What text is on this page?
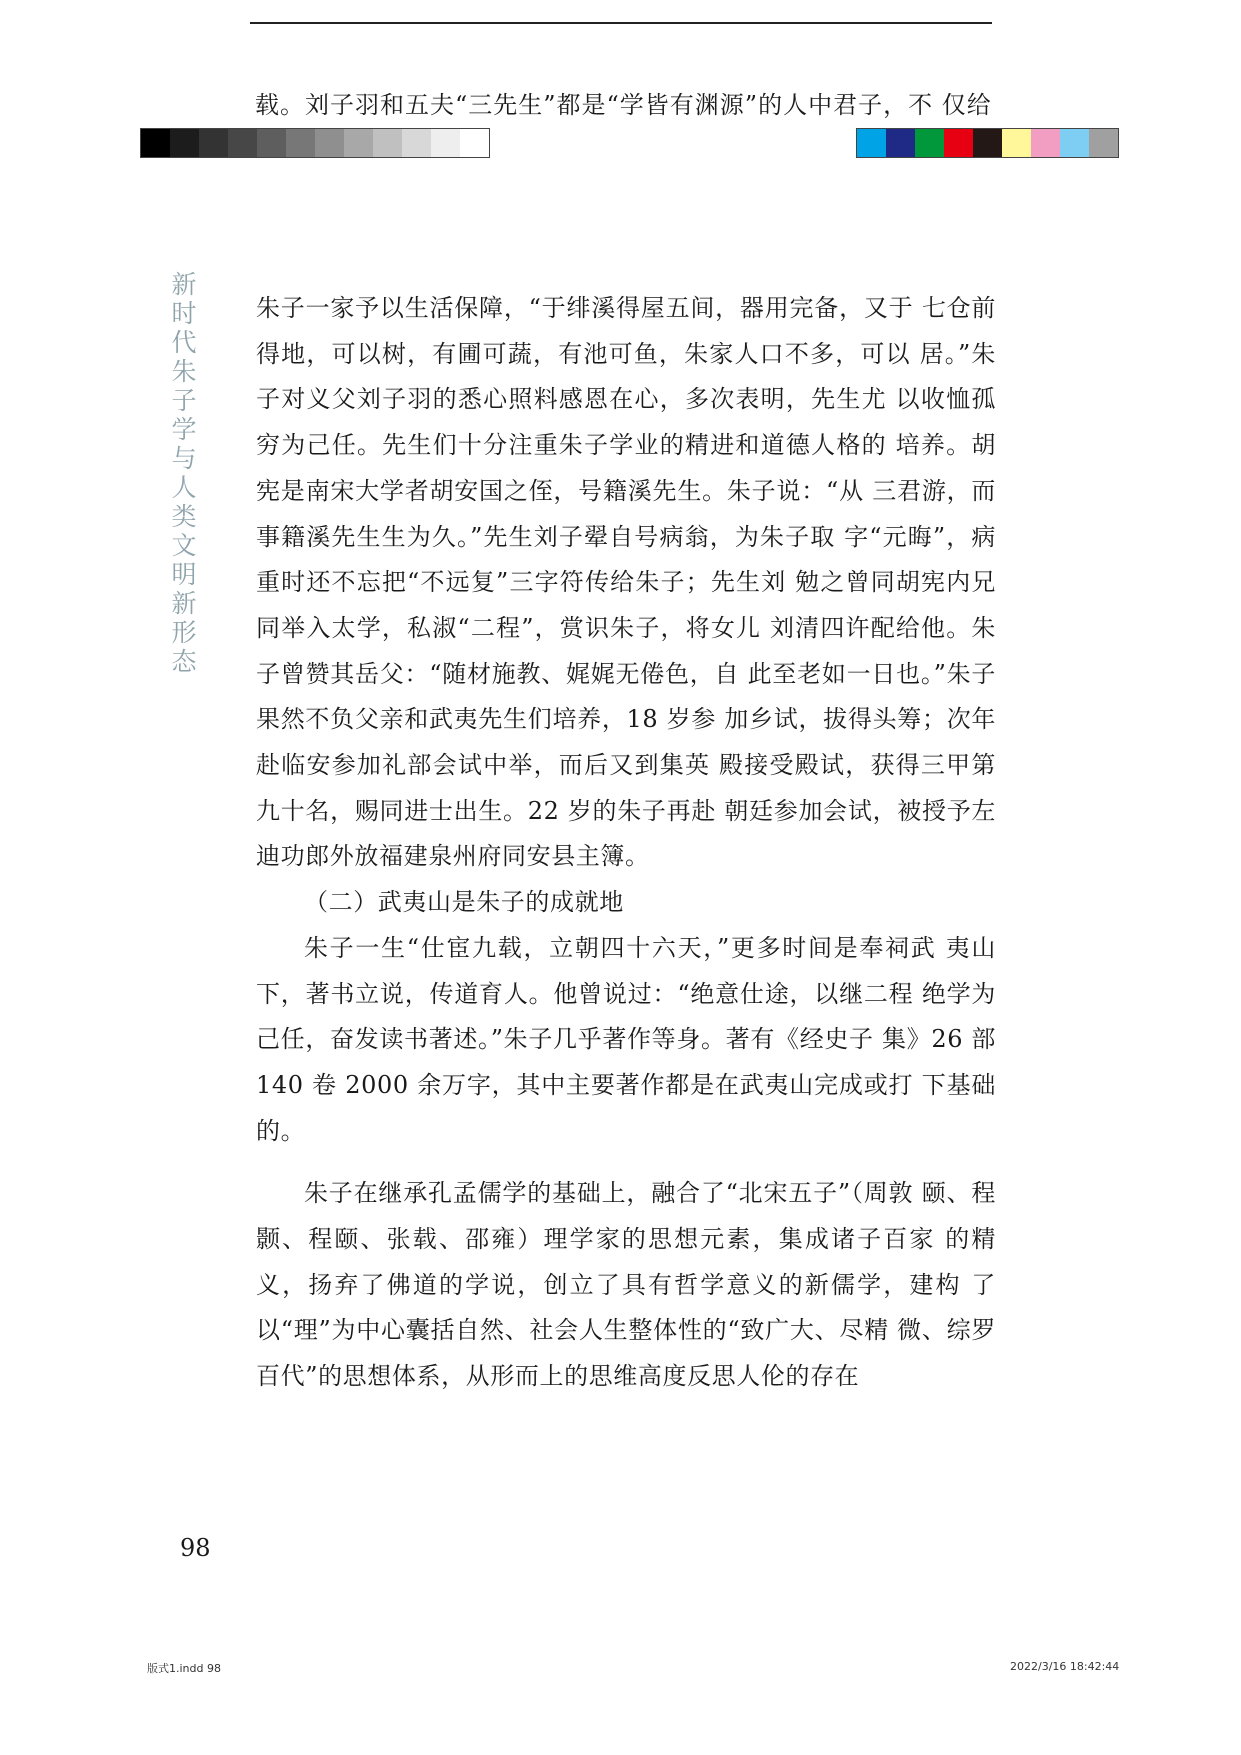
载。刘子羽和五夫“三先生”都是“学皆有渊源”的人中君子，不 仅给
新时代朱子学与人类文明新形态

朱子一家予以生活保障，“于绯溪得屋五间，器用完备，又于 七仓前得地，可以树，有圃可蔬，有池可鱼，朱家人口不多，可以 居。”朱子对义父刘子羽的悉心照料感恩在心，多次表明，先生尤 以收恤孤穷为己任。先生们十分注重朱子学业的精进和道德人格的 培养。胡宪是南宋大学者胡安国之侄，号籍溪先生。朱子说：“从 三君游，而事籍溪先生生为久。”先生刘子翚自号病翁，为朱子取 字“元晦”，病重时还不忘把“不远复”三字符传给朱子；先生刘 勉之曾同胡宪内兄同举入太学，私淑“二程”，赏识朱子，将女儿 刘清四许配给他。朱子曾赞其岳父：“随材施教、娓娓无倦色，自 此至老如一日也。”朱子果然不负父亲和武夷先生们培养，18 岁参 加乡试，拔得头筹；次年赴临安参加礼部会试中举，而后又到集英 殿接受殿试，获得三甲第九十名，赐同进士出生。22 岁的朱子再赴 朝廷参加会试，被授予左迪功郎外放福建泉州府同安县主簿。

（二）武夷山是朱子的成就地

朱子一生“仕宦九载，立朝四十六天，”更多时间是奉祠武 夷山下，著书立说，传道育人。他曾说过：“绝意仕途，以继二程 绝学为己任，奋发读书著述。”朱子几乎著作等身。著有《经史子 集》26 部 140 卷 2000 余万字，其中主要著作都是在武夷山完成或打 下基础的。

朱子在继承孔孟儒学的基础上，融合了“北宋五子”（周敦 颐、程颢、程颐、张载、邵雍）理学家的思想元素，集成诸子百家 的精义，扬弃了佛道的学说，创立了具有哲学意义的新儒学，建构 了以“理”为中心囊括自然、社会人生整体性的“致广大、尽精 微、综罗百代”的思想体系，从形而上的思维高度反思人伦的存在

98
版式1.indd 98	2022/3/16 18:42:44
